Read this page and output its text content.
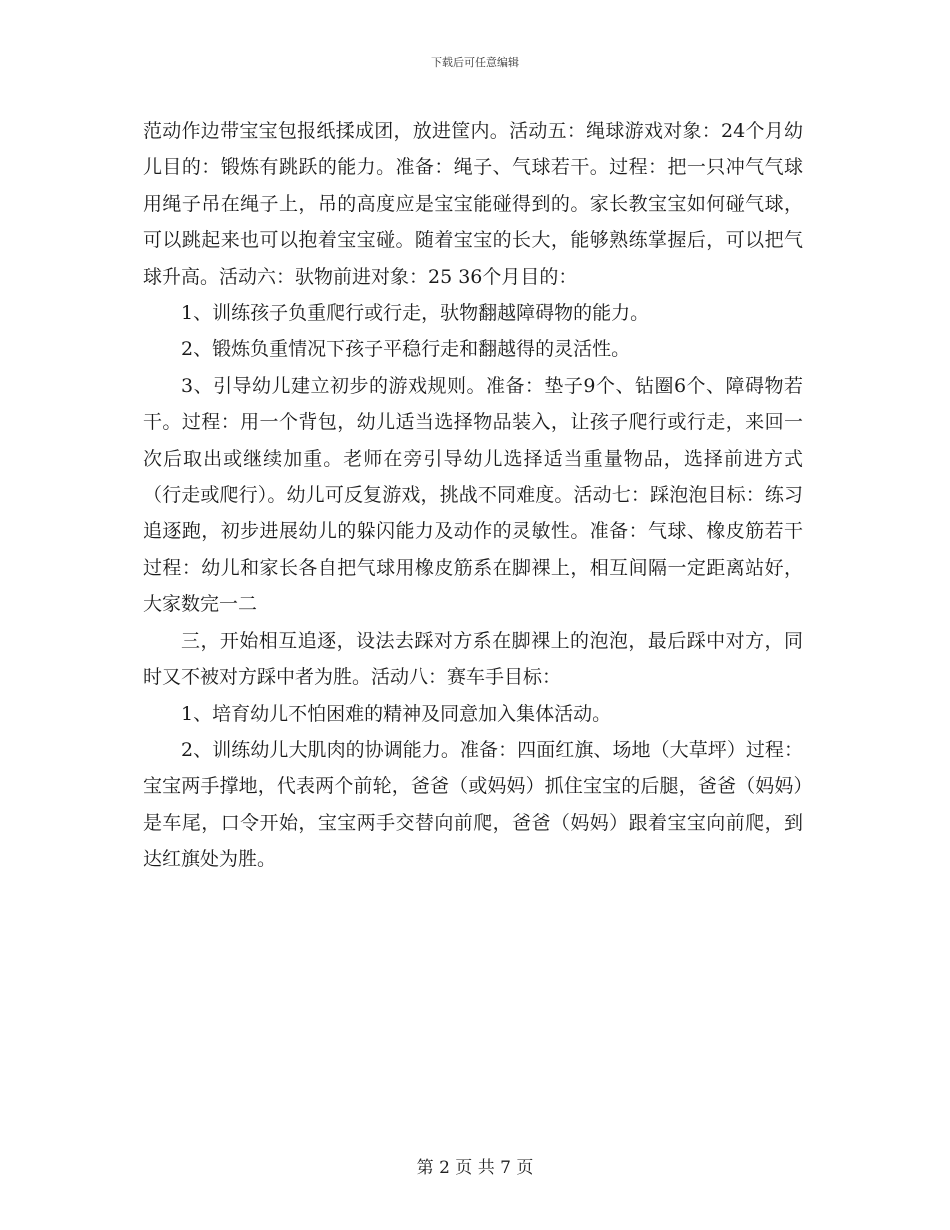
下载后可任意编辑

范动作边带宝宝包报纸揉成团，放进筐内。活动五：绳球游戏对象：24个月幼儿目的：锻炼有跳跃的能力。准备：绳子、气球若干。过程：把一只冲气气球用绳子吊在绳子上，吊的高度应是宝宝能碰得到的。家长教宝宝如何碰气球，可以跳起来也可以抱着宝宝碰。随着宝宝的长大，能够熟练掌握后，可以把气球升高。活动六：驮物前进对象：25 36个月目的：

1、训练孩子负重爬行或行走，驮物翻越障碍物的能力。

2、锻炼负重情况下孩子平稳行走和翻越得的灵活性。

3、引导幼儿建立初步的游戏规则。准备：垫子9个、钻圈6个、障碍物若干。过程：用一个背包，幼儿适当选择物品装入，让孩子爬行或行走，来回一次后取出或继续加重。老师在旁引导幼儿选择适当重量物品，选择前进方式（行走或爬行）。幼儿可反复游戏，挑战不同难度。活动七：踩泡泡目标：练习追逐跑，初步进展幼儿的躲闪能力及动作的灵敏性。准备：气球、橡皮筋若干过程：幼儿和家长各自把气球用橡皮筋系在脚裸上，相互间隔一定距离站好，大家数完一二

三，开始相互追逐，设法去踩对方系在脚裸上的泡泡，最后踩中对方，同时又不被对方踩中者为胜。活动八：赛车手目标：

1、培育幼儿不怕困难的精神及同意加入集体活动。

2、训练幼儿大肌肉的协调能力。准备：四面红旗、场地（大草坪）过程：宝宝两手撑地，代表两个前轮，爸爸（或妈妈）抓住宝宝的后腿，爸爸（妈妈）是车尾，口令开始，宝宝两手交替向前爬，爸爸（妈妈）跟着宝宝向前爬，到达红旗处为胜。

第 2 页 共 7 页
